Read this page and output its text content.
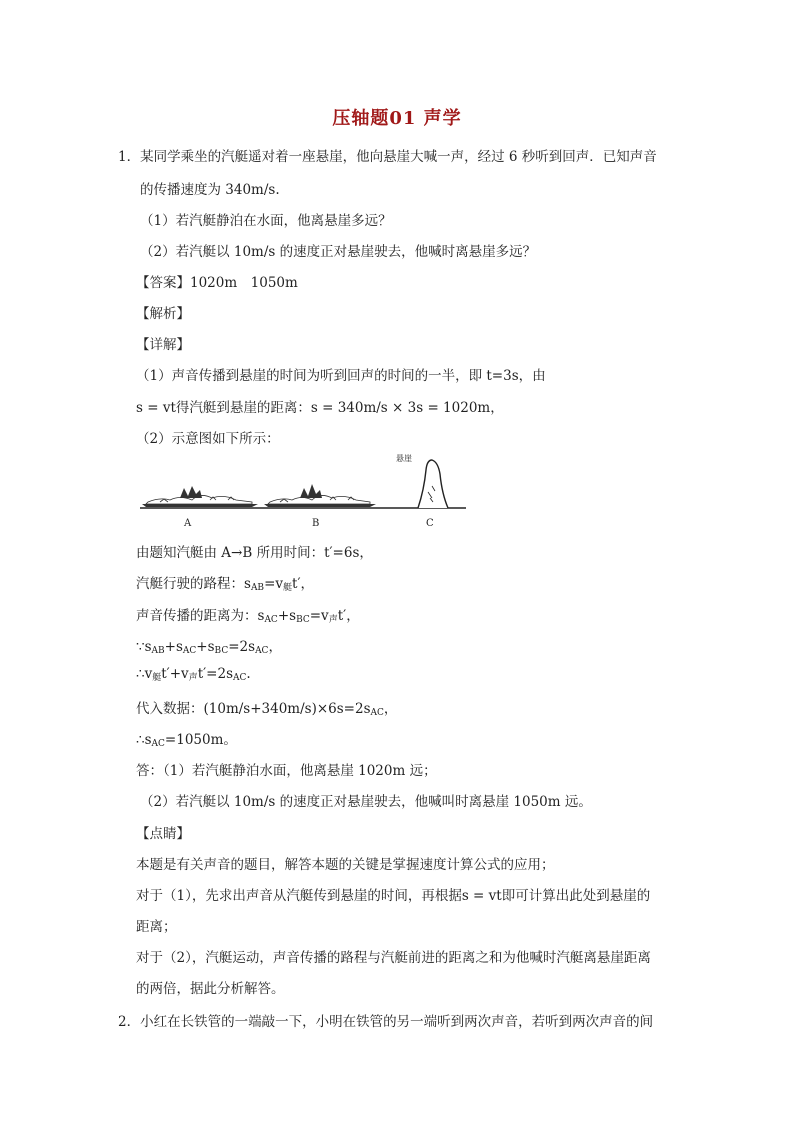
压轴题01 声学
1．某同学乘坐的汽艇遥对着一座悬崖，他向悬崖大喊一声，经过 6 秒听到回声．已知声音
的传播速度为 340m/s.
（1）若汽艇静泊在水面，他离悬崖多远？
（2）若汽艇以 10m/s 的速度正对悬崖驶去，他喊时离悬崖多远？
【答案】1020m　1050m
【解析】
【详解】
（1）声音传播到悬崖的时间为听到回声的时间的一半，即 t=3s，由
s = vt得汽艇到悬崖的距离：s = 340m/s × 3s = 1020m，
（2）示意图如下所示：
悬崖
A	B	C
由题知汽艇由 A→B 所用时间：t′=6s，
汽艇行驶的路程：$s_{AB}=v_艇t'$，
声音传播的距离为：$s_{AC}+s_{BC}=v_声t'$，
$\because s_{AB}+s_{AC}+s_{BC}=2s_{AC}$，
$\therefore v_艇t'+v_声t'=2s_{AC}$.
代入数据：$(10m/s+340m/s)\times 6s=2s_{AC}$，
$\therefore s_{AC}=1050m$。
答：（1）若汽艇静泊水面，他离悬崖 1020m 远；
（2）若汽艇以 10m/s 的速度正对悬崖驶去，他喊叫时离悬崖 1050m 远。
【点睛】
本题是有关声音的题目，解答本题的关键是掌握速度计算公式的应用；
对于（1），先求出声音从汽艇传到悬崖的时间，再根据s = vt即可计算出此处到悬崖的
距离；
对于（2），汽艇运动，声音传播的路程与汽艇前进的距离之和为他喊时汽艇离悬崖距离
的两倍，据此分析解答。
2．小红在长铁管的一端敲一下，小明在铁管的另一端听到两次声音，若听到两次声音的间
